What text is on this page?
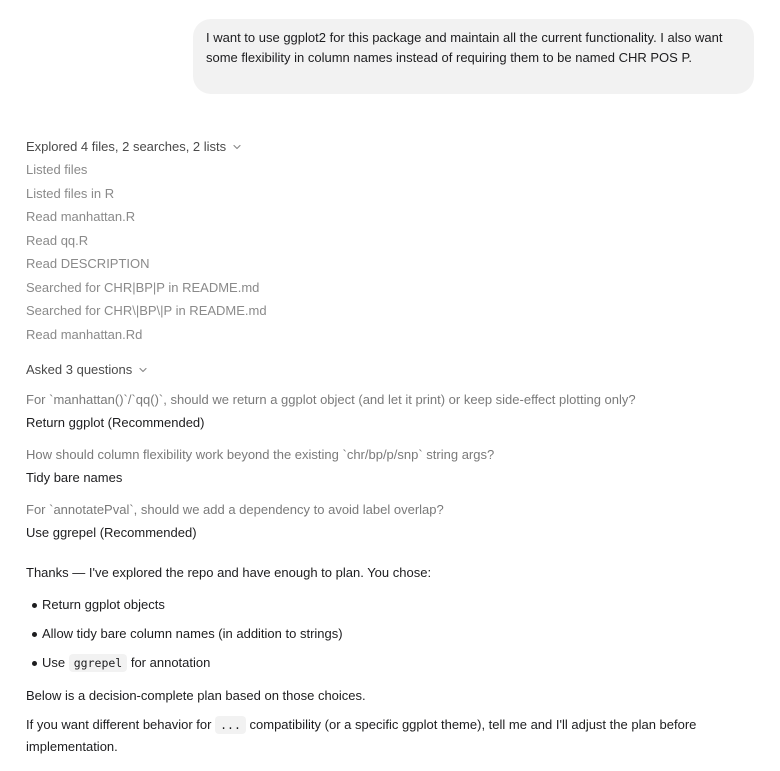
I want to use ggplot2 for this package and maintain all the current functionality. I also want some flexibility in column names instead of requiring them to be named CHR POS P.
Explored 4 files, 2 searches, 2 lists
Listed files
Listed files in R
Read manhattan.R
Read qq.R
Read DESCRIPTION
Searched for CHR|BP|P in README.md
Searched for CHR\|BP\|P in README.md
Read manhattan.Rd
Asked 3 questions
For `manhattan()`/`qq()`, should we return a ggplot object (and let it print) or keep side-effect plotting only?
Return ggplot (Recommended)
How should column flexibility work beyond the existing `chr/bp/p/snp` string args?
Tidy bare names
For `annotatePval`, should we add a dependency to avoid label overlap?
Use ggrepel (Recommended)
Thanks — I've explored the repo and have enough to plan. You chose:
Return ggplot objects
Allow tidy bare column names (in addition to strings)
Use ggrepel for annotation
Below is a decision-complete plan based on those choices.
If you want different behavior for ... compatibility (or a specific ggplot theme), tell me and I'll adjust the plan before implementation.
